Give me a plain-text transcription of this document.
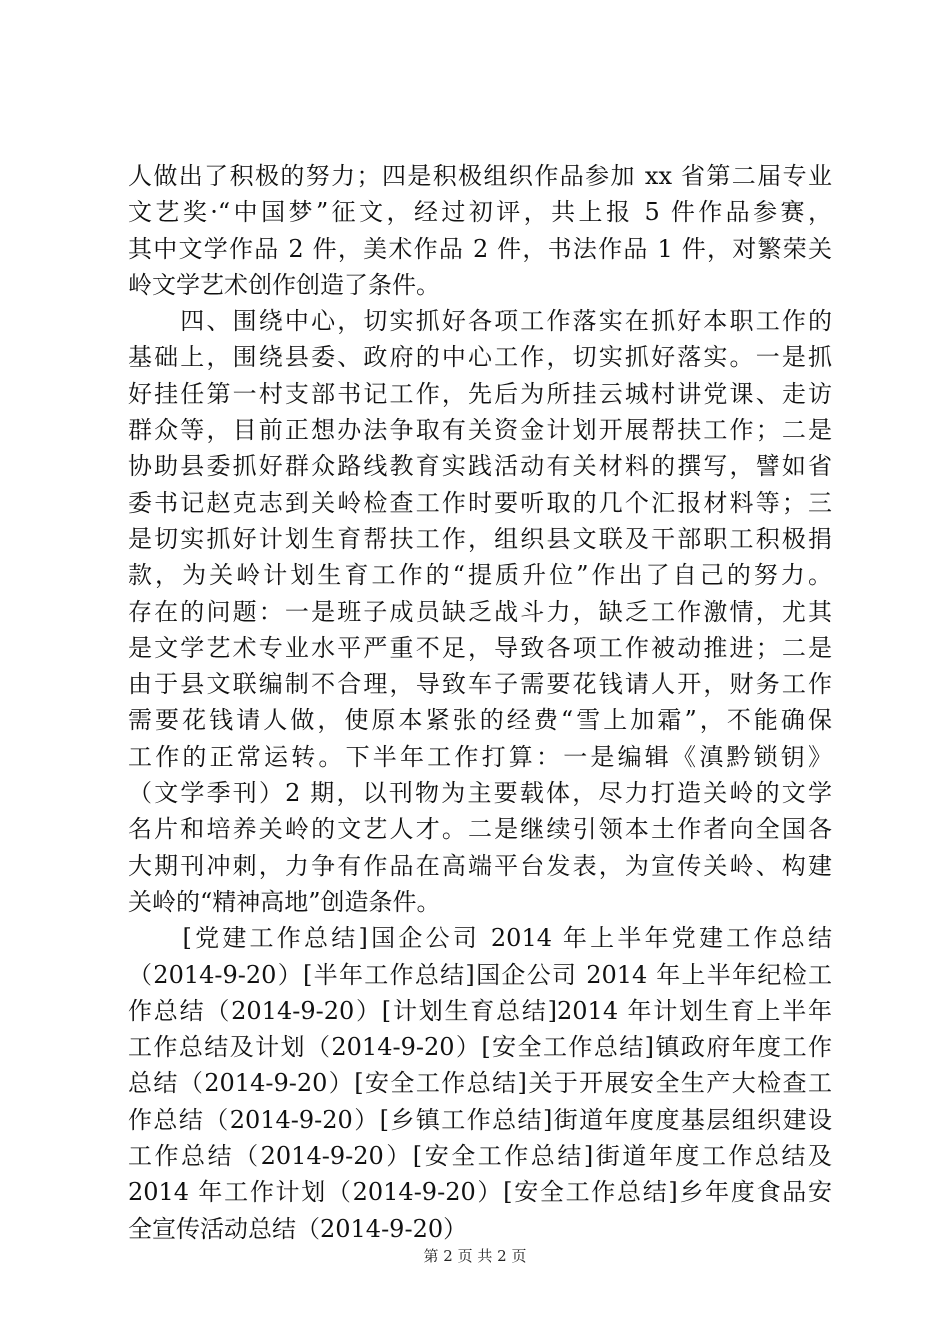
人做出了积极的努力；四是积极组织作品参加 xx 省第二届专业
文艺奖·“中国梦”征文，经过初评，共上报 5 件作品参赛，
其中文学作品 2 件，美术作品 2 件，书法作品 1 件，对繁荣关
岭文学艺术创作创造了条件。
　　四、围绕中心，切实抓好各项工作落实在抓好本职工作的
基础上，围绕县委、政府的中心工作，切实抓好落实。一是抓
好挂任第一村支部书记工作，先后为所挂云城村讲党课、走访
群众等，目前正想办法争取有关资金计划开展帮扶工作；二是
协助县委抓好群众路线教育实践活动有关材料的撰写，譬如省
委书记赵克志到关岭检查工作时要听取的几个汇报材料等；三
是切实抓好计划生育帮扶工作，组织县文联及干部职工积极捐
款，为关岭计划生育工作的“提质升位”作出了自己的努力。
存在的问题：一是班子成员缺乏战斗力，缺乏工作激情，尤其
是文学艺术专业水平严重不足，导致各项工作被动推进；二是
由于县文联编制不合理，导致车子需要花钱请人开，财务工作
需要花钱请人做，使原本紧张的经费“雪上加霜”，不能确保
工作的正常运转。下半年工作打算：一是编辑《滇黔锁钥》
（文学季刊）2 期，以刊物为主要载体，尽力打造关岭的文学
名片和培养关岭的文艺人才。二是继续引领本土作者向全国各
大期刊冲刺，力争有作品在高端平台发表，为宣传关岭、构建
关岭的“精神高地”创造条件。
　　[党建工作总结]国企公司 2014 年上半年党建工作总结
（2014-9-20）[半年工作总结]国企公司 2014 年上半年纪检工
作总结（2014-9-20）[计划生育总结]2014 年计划生育上半年
工作总结及计划（2014-9-20）[安全工作总结]镇政府年度工作
总结（2014-9-20）[安全工作总结]关于开展安全生产大检查工
作总结（2014-9-20）[乡镇工作总结]街道年度度基层组织建设
工作总结（2014-9-20）[安全工作总结]街道年度工作总结及
2014 年工作计划（2014-9-20）[安全工作总结]乡年度食品安
全宣传活动总结（2014-9-20）
第 2 页 共 2 页
